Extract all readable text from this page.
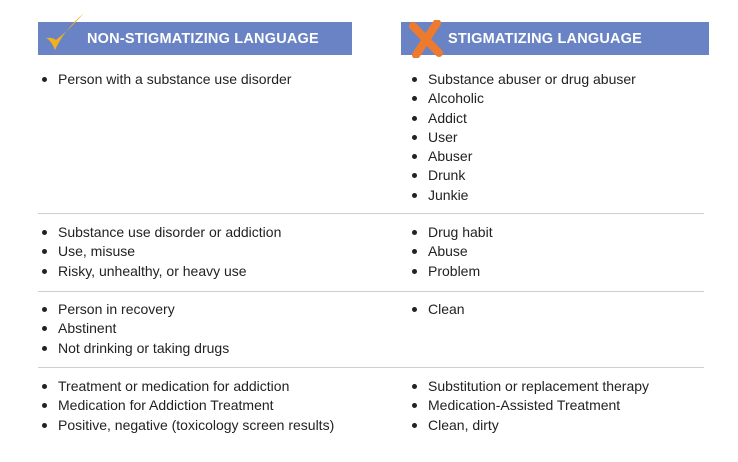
NON-STIGMATIZING LANGUAGE	STIGMATIZING LANGUAGE
Person with a substance use disorder	Substance abuser or drug abuser
Alcoholic
Addict
User
Abuser
Drunk
Junkie
Substance use disorder or addiction
Use, misuse
Risky, unhealthy, or heavy use
Drug habit
Abuse
Problem
Person in recovery
Abstinent
Not drinking or taking drugs
Clean
Treatment or medication for addiction
Medication for Addiction Treatment
Positive, negative (toxicology screen results)
Substitution or replacement therapy
Medication-Assisted Treatment
Clean, dirty
